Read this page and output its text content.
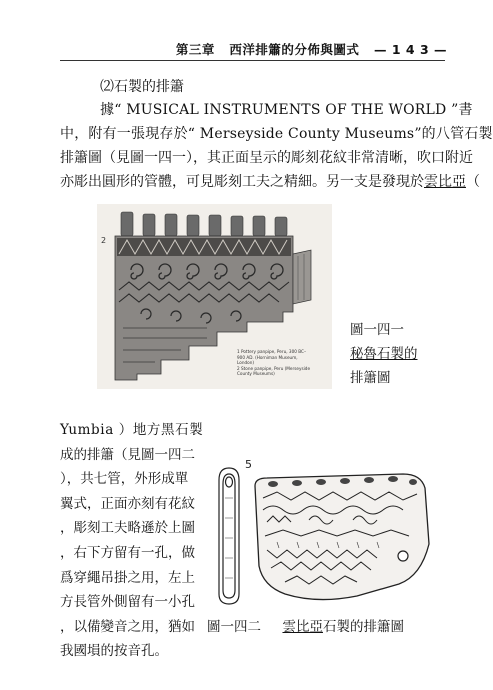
第三章 西洋排簫的分佈與圖式 — 1 4 3 —
⑵石製的排簫
據“ MUSICAL INSTRUMENTS OF THE WORLD ”書
中，附有一張現存於“ Merseyside County Museums”的八管石製
排簫圖（見圖一四一），其正面呈示的彫刻花紋非常清晰，吹口附近
亦彫出圓形的管體，可見彫刻工夫之精細。另一支是發現於雲比亞（
2
1 Pottery panpipe, Peru, 300 BC–
900 AD. (Horniman Museum,
London)
2 Stone panpipe, Peru (Merseyside
County Museums)
圖一四一
秘魯石製的
排簫圖
Yumbia ）地方黑石製
成的排簫（見圖一四二
），共七管，外形成單
翼式，正面亦刻有花紋
，彫刻工夫略遜於上圖
，右下方留有一孔，做
爲穿繩吊掛之用，左上
方長管外側留有一小孔
，以備變音之用，猶如
我國塤的按音孔。
5
圖一四二 雲比亞石製的排簫圖
